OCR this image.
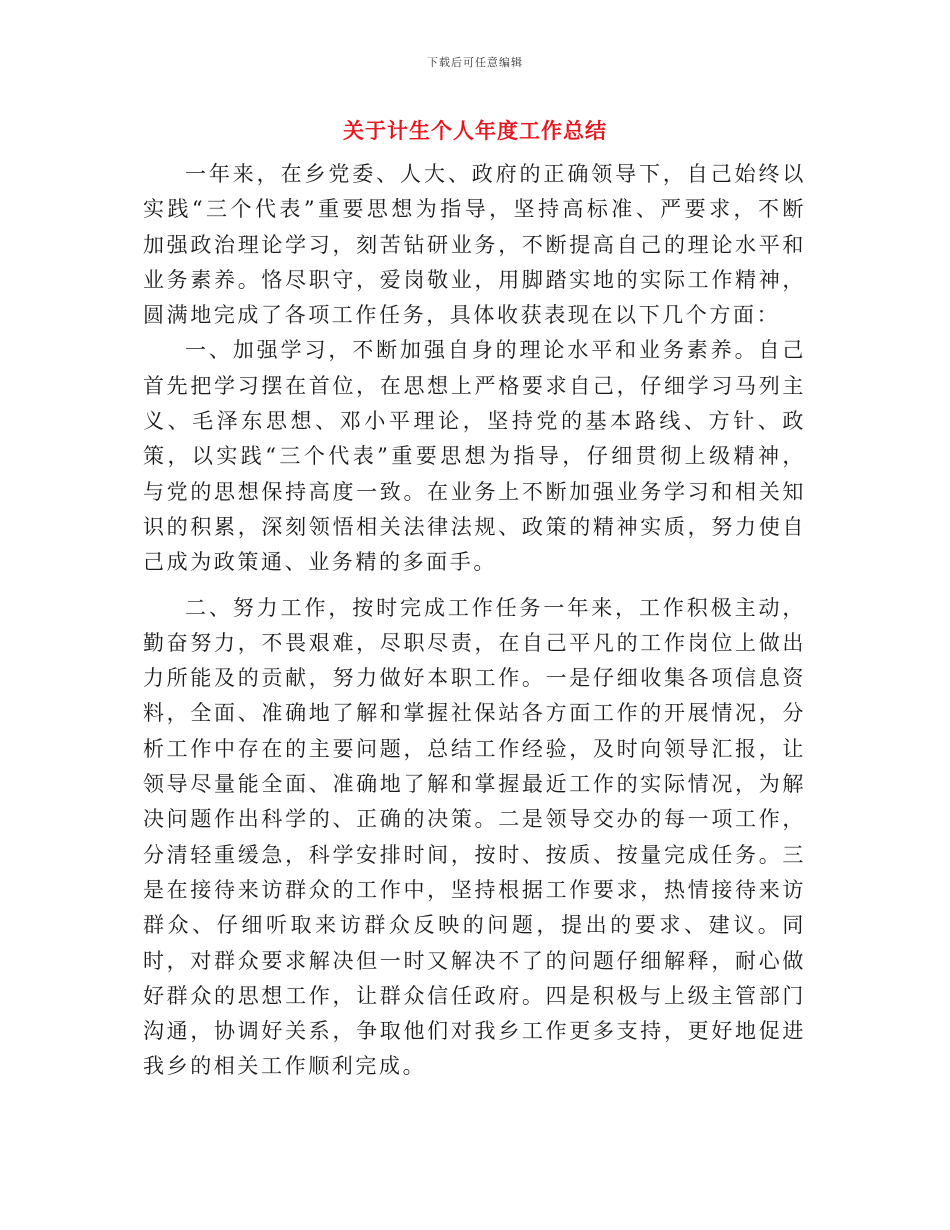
下载后可任意编辑
关于计生个人年度工作总结

一年来，在乡党委、人大、政府的正确领导下，自己始终以实践“三个代表”重要思想为指导，坚持高标准、严要求，不断加强政治理论学习，刻苦钻研业务，不断提高自己的理论水平和业务素养。恪尽职守，爱岗敬业，用脚踏实地的实际工作精神，圆满地完成了各项工作任务，具体收获表现在以下几个方面：

一、加强学习，不断加强自身的理论水平和业务素养。自己首先把学习摆在首位，在思想上严格要求自己，仔细学习马列主义、毛泽东思想、邓小平理论，坚持党的基本路线、方针、政策，以实践“三个代表”重要思想为指导，仔细贯彻上级精神，与党的思想保持高度一致。在业务上不断加强业务学习和相关知识的积累，深刻领悟相关法律法规、政策的精神实质，努力使自己成为政策通、业务精的多面手。

二、努力工作，按时完成工作任务一年来，工作积极主动，勤奋努力，不畏艰难，尽职尽责，在自己平凡的工作岗位上做出力所能及的贡献，努力做好本职工作。一是仔细收集各项信息资料，全面、准确地了解和掌握社保站各方面工作的开展情况，分析工作中存在的主要问题，总结工作经验，及时向领导汇报，让领导尽量能全面、准确地了解和掌握最近工作的实际情况，为解决问题作出科学的、正确的决策。二是领导交办的每一项工作，分清轻重缓急，科学安排时间，按时、按质、按量完成任务。三是在接待来访群众的工作中，坚持根据工作要求，热情接待来访群众、仔细听取来访群众反映的问题，提出的要求、建议。同时，对群众要求解决但一时又解决不了的问题仔细解释，耐心做好群众的思想工作，让群众信任政府。四是积极与上级主管部门沟通，协调好关系，争取他们对我乡工作更多支持，更好地促进我乡的相关工作顺利完成。
